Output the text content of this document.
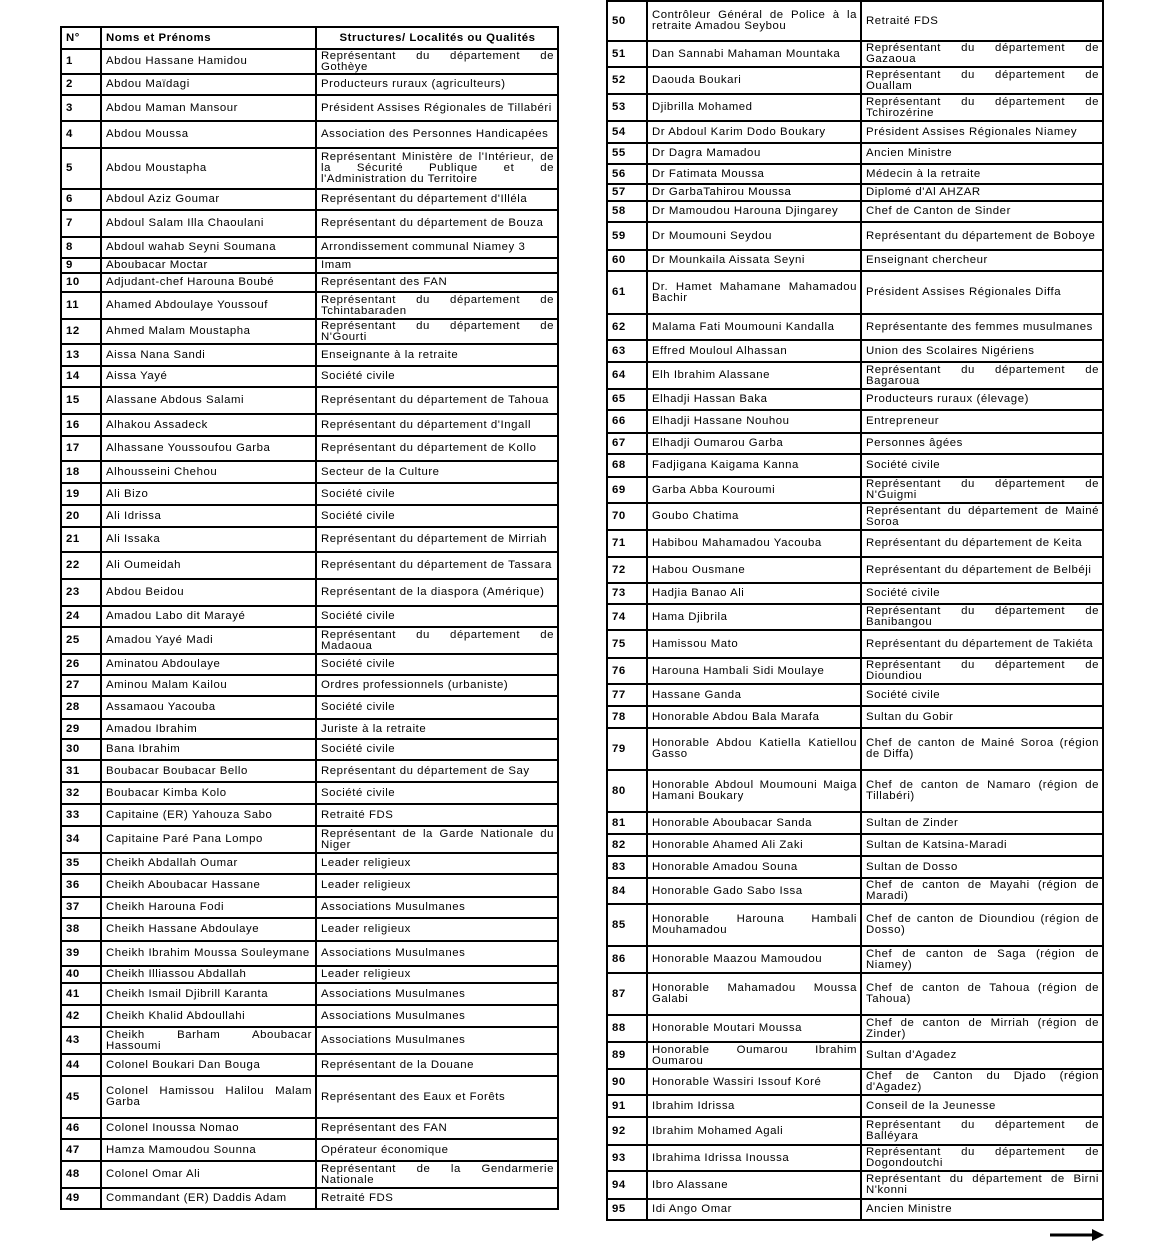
N°	Noms et Prénoms	Structures/ Localités ou Qualités
1	Abdou Hassane Hamidou	Représentant du département de Gothèye
2	Abdou Maïdagi	Producteurs ruraux (agriculteurs)
3	Abdou Maman Mansour	Président Assises Régionales de Tillabéri
4	Abdou Moussa	Association des Personnes Handicapées
5	Abdou Moustapha	Représentant Ministère de l'Intérieur, de la Sécurité Publique et de l'Administration du Territoire
6	Abdoul Aziz Goumar	Représentant du département d'Illéla
7	Abdoul Salam Illa Chaoulani	Représentant du département de Bouza
8	Abdoul wahab Seyni Soumana	Arrondissement communal Niamey 3
9	Aboubacar Moctar	Imam
10	Adjudant-chef Harouna Boubé	Représentant des FAN
11	Ahamed Abdoulaye Youssouf	Représentant du département de Tchintabaraden
12	Ahmed Malam Moustapha	Représentant du département de N'Gourti
13	Aissa Nana Sandi	Enseignante à la retraite
14	Aissa Yayé	Société civile
15	Alassane Abdous Salami	Représentant du département de Tahoua
16	Alhakou Assadeck	Représentant du département d'Ingall
17	Alhassane Youssoufou Garba	Représentant du département de Kollo
18	Alhousseini Chehou	Secteur de la Culture
19	Ali Bizo	Société civile
20	Ali Idrissa	Société civile
21	Ali Issaka	Représentant du département de Mirriah
22	Ali Oumeidah	Représentant du département de Tassara
23	Abdou Beidou	Représentant de la diaspora (Amérique)
24	Amadou Labo dit Marayé	Société civile
25	Amadou Yayé Madi	Représentant du département de Madaoua
26	Aminatou Abdoulaye	Société civile
27	Aminou Malam Kailou	Ordres professionnels (urbaniste)
28	Assamaou Yacouba	Société civile
29	Amadou Ibrahim	Juriste à la retraite
30	Bana Ibrahim	Société civile
31	Boubacar Boubacar Bello	Représentant du département de Say
32	Boubacar Kimba Kolo	Société civile
33	Capitaine (ER) Yahouza Sabo	Retraité FDS
34	Capitaine Paré Pana Lompo	Représentant de la Garde Nationale du Niger
35	Cheikh Abdallah Oumar	Leader religieux
36	Cheikh Aboubacar Hassane	Leader religieux
37	Cheikh Harouna Fodi	Associations Musulmanes
38	Cheikh Hassane Abdoulaye	Leader religieux
39	Cheikh Ibrahim Moussa Souleymane	Associations Musulmanes
40	Cheikh Illiassou Abdallah	Leader religieux
41	Cheikh Ismail Djibrill Karanta	Associations Musulmanes
42	Cheikh Khalid Abdoullahi	Associations Musulmanes
43	Cheikh Barham Aboubacar Hassoumi	Associations Musulmanes
44	Colonel Boukari Dan Bouga	Représentant de la Douane
45	Colonel Hamissou Halilou Malam Garba	Représentant des Eaux et Forêts
46	Colonel Inoussa Nomao	Représentant des FAN
47	Hamza Mamoudou Sounna	Opérateur économique
48	Colonel Omar Ali	Représentant de la Gendarmerie Nationale
49	Commandant (ER) Daddis Adam	Retraité FDS
50	Contrôleur Général de Police à la retraite Amadou Seybou	Retraité FDS
51	Dan Sannabi Mahaman Mountaka	Représentant du département de Gazaoua
52	Daouda Boukari	Représentant du département de Ouallam
53	Djibrilla Mohamed	Représentant du département de Tchirozérine
54	Dr Abdoul Karim Dodo Boukary	Président Assises Régionales Niamey
55	Dr Dagra Mamadou	Ancien Ministre
56	Dr Fatimata Moussa	Médecin à la retraite
57	Dr GarbaTahirou Moussa	Diplomé d'Al AHZAR
58	Dr Mamoudou Harouna Djingarey	Chef de Canton de Sinder
59	Dr Moumouni Seydou	Représentant du département de Boboye
60	Dr Mounkaila Aissata Seyni	Enseignant chercheur
61	Dr. Hamet Mahamane Mahamadou Bachir	Président Assises Régionales Diffa
62	Malama Fati Moumouni Kandalla	Représentante des femmes musulmanes
63	Effred Mouloul Alhassan	Union des Scolaires Nigériens
64	Elh Ibrahim Alassane	Représentant du département de Bagaroua
65	Elhadji Hassan Baka	Producteurs ruraux (élevage)
66	Elhadji Hassane Nouhou	Entrepreneur
67	Elhadji Oumarou Garba	Personnes âgées
68	Fadjigana Kaigama Kanna	Société civile
69	Garba Abba Kouroumi	Représentant du département de N'Guigmi
70	Goubo Chatima	Représentant du département de Mainé Soroa
71	Habibou Mahamadou Yacouba	Représentant du département de Keita
72	Habou Ousmane	Représentant du département de Belbéji
73	Hadjia Banao Ali	Société civile
74	Hama Djibrila	Représentant du département de Banibangou
75	Hamissou Mato	Représentant du département de Takiéta
76	Harouna Hambali Sidi Moulaye	Représentant du département de Dioundiou
77	Hassane Ganda	Société civile
78	Honorable Abdou Bala Marafa	Sultan du Gobir
79	Honorable Abdou Katiella Katiellou Gasso	Chef de canton de Mainé Soroa (région de Diffa)
80	Honorable Abdoul Moumouni Maiga Hamani Boukary	Chef de canton de Namaro (région de Tillabéri)
81	Honorable Aboubacar Sanda	Sultan de Zinder
82	Honorable Ahamed Ali Zaki	Sultan de Katsina-Maradi
83	Honorable Amadou Souna	Sultan de Dosso
84	Honorable Gado Sabo Issa	Chef de canton de Mayahi (région de Maradi)
85	Honorable Harouna Hambali Mouhamadou	Chef de canton de Dioundiou (région de Dosso)
86	Honorable Maazou Mamoudou	Chef de canton de Saga (région de Niamey)
87	Honorable Mahamadou Moussa Galabi	Chef de canton de Tahoua (région de Tahoua)
88	Honorable Moutari Moussa	Chef de canton de Mirriah (région de Zinder)
89	Honorable Oumarou Ibrahim Oumarou	Sultan d'Agadez
90	Honorable Wassiri Issouf Koré	Chef de Canton du Djado (région d'Agadez)
91	Ibrahim Idrissa	Conseil de la Jeunesse
92	Ibrahim Mohamed Agali	Représentant du département de Balléyara
93	Ibrahima Idrissa Inoussa	Représentant du département de Dogondoutchi
94	Ibro Alassane	Représentant du département de Birni N'konni
95	Idi Ango Omar	Ancien Ministre
